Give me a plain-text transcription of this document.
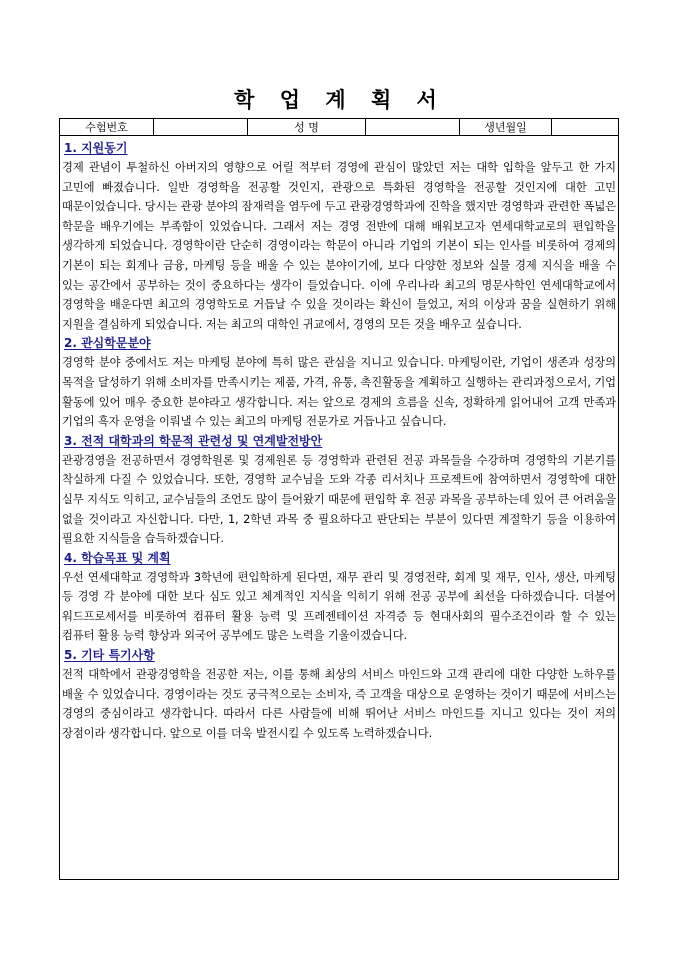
학 업 계 획 서
수험번호	성 명	생년월일
1. 지원동기
경제 관념이 투철하신 아버지의 영향으로 어릴 적부터 경영에 관심이 많았던 저는 대학 입학을 앞두고 한 가지 고민에 빠졌습니다. 일반 경영학을 전공할 것인지, 관광으로 특화된 경영학을 전공할 것인지에 대한 고민 때문이었습니다. 당시는 관광 분야의 잠재력을 염두에 두고 관광경영학과에 진학을 했지만 경영학과 관련한 폭넓은 학문을 배우기에는 부족함이 있었습니다. 그래서 저는 경영 전반에 대해 배워보고자 연세대학교로의 편입학을 생각하게 되었습니다. 경영학이란 단순히 경영이라는 학문이 아니라 기업의 기본이 되는 인사를 비롯하여 경제의 기본이 되는 회계나 금융, 마케팅 등을 배울 수 있는 분야이기에, 보다 다양한 정보와 실물 경제 지식을 배울 수 있는 공간에서 공부하는 것이 중요하다는 생각이 들었습니다. 이에 우리나라 최고의 명문사학인 연세대학교에서 경영학을 배운다면 최고의 경영학도로 거듭날 수 있을 것이라는 확신이 들었고, 저의 이상과 꿈을 실현하기 위해 지원을 결심하게 되었습니다. 저는 최고의 대학인 귀교에서, 경영의 모든 것을 배우고 싶습니다.
2. 관심학문분야
경영학 분야 중에서도 저는 마케팅 분야에 특히 많은 관심을 지니고 있습니다. 마케팅이란, 기업이 생존과 성장의 목적을 달성하기 위해 소비자를 만족시키는 제품, 가격, 유통, 촉진활동을 계획하고 실행하는 관리과정으로서, 기업 활동에 있어 매우 중요한 분야라고 생각합니다. 저는 앞으로 경제의 흐름을 신속, 정확하게 읽어내어 고객 만족과 기업의 흑자 운영을 이뤄낼 수 있는 최고의 마케팅 전문가로 거듭나고 싶습니다.
3. 전적 대학과의 학문적 관련성 및 연계발전방안
관광경영을 전공하면서 경영학원론 및 경제원론 등 경영학과 관련된 전공 과목들을 수강하며 경영학의 기본기를 착실하게 다질 수 있었습니다. 또한, 경영학 교수님을 도와 각종 리서치나 프로젝트에 참여하면서 경영학에 대한 실무 지식도 익히고, 교수님들의 조언도 많이 들어왔기 때문에 편입학 후 전공 과목을 공부하는데 있어 큰 어려움을 없을 것이라고 자신합니다. 다만, 1, 2학년 과목 중 필요하다고 판단되는 부분이 있다면 계절학기 등을 이용하여 필요한 지식들을 습득하겠습니다.
4. 학습목표 및 계획
우선 연세대학교 경영학과 3학년에 편입학하게 된다면, 재무 관리 및 경영전략, 회계 및 재무, 인사, 생산, 마케팅 등 경영 각 분야에 대한 보다 심도 있고 체계적인 지식을 익히기 위해 전공 공부에 최선을 다하겠습니다. 더불어 워드프로세서를 비롯하여 컴퓨터 활용 능력 및 프레젠테이션 자격증 등 현대사회의 필수조건이라 할 수 있는 컴퓨터 활용 능력 향상과 외국어 공부에도 많은 노력을 기울이겠습니다.
5. 기타 특기사항
전적 대학에서 관광경영학을 전공한 저는, 이를 통해 최상의 서비스 마인드와 고객 관리에 대한 다양한 노하우를 배울 수 있었습니다. 경영이라는 것도 궁극적으로는 소비자, 즉 고객을 대상으로 운영하는 것이기 때문에 서비스는 경영의 중심이라고 생각합니다. 따라서 다른 사람들에 비해 뛰어난 서비스 마인드를 지니고 있다는 것이 저의 장점이라 생각합니다. 앞으로 이를 더욱 발전시킬 수 있도록 노력하겠습니다.
